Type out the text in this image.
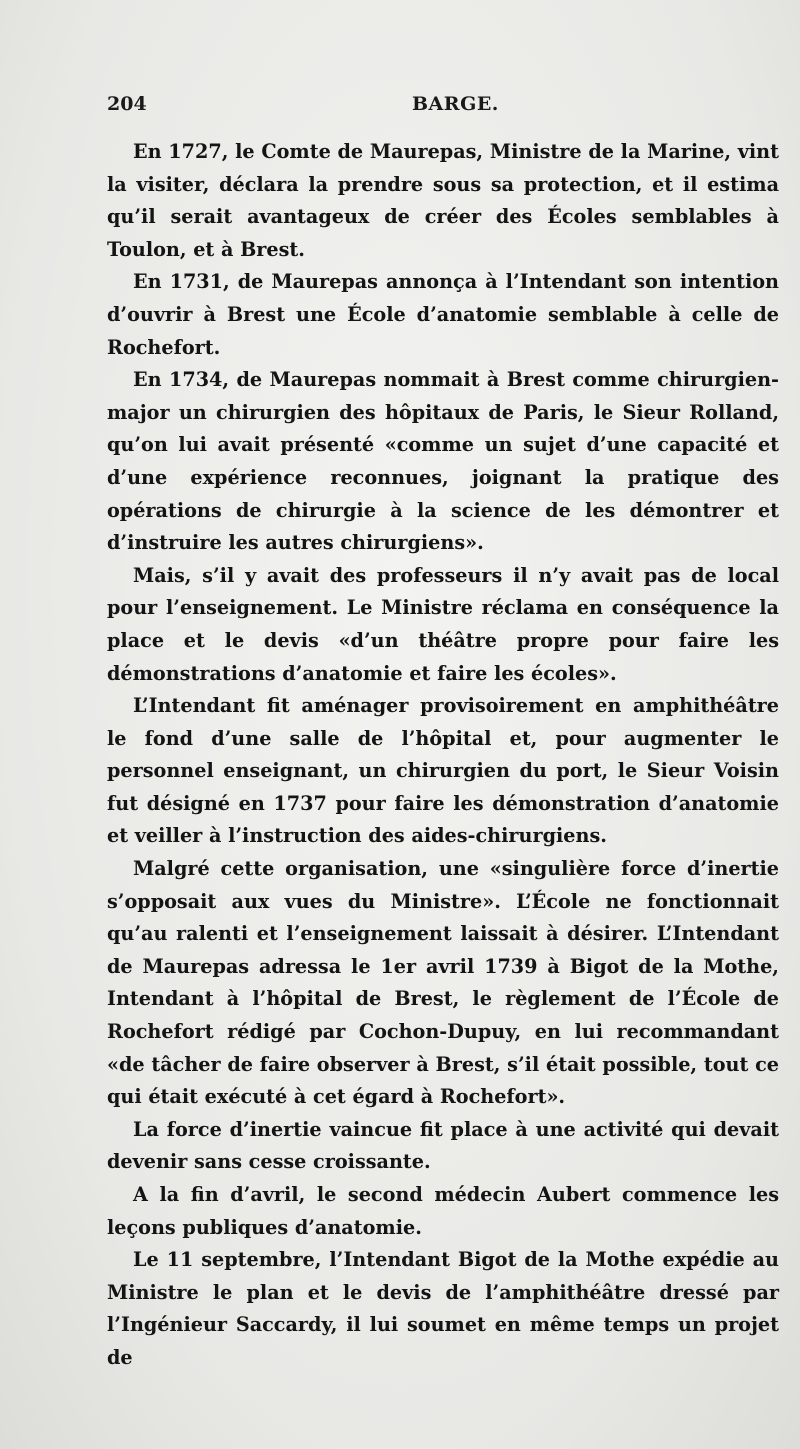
204	BARGE.

En 1727, le Comte de Maurepas, Ministre de la Marine, vint la visiter, déclara la prendre sous sa protection, et il estima qu’il serait avantageux de créer des Écoles semblables à Toulon, et à Brest.

En 1731, de Maurepas annonça à l’Intendant son intention d’ouvrir à Brest une École d’anatomie semblable à celle de Rochefort.

En 1734, de Maurepas nommait à Brest comme chirurgien-major un chirurgien des hôpitaux de Paris, le Sieur Rolland, qu’on lui avait présenté «comme un sujet d’une capacité et d’une expérience reconnues, joignant la pratique des opérations de chirurgie à la science de les démontrer et d’instruire les autres chirurgiens».

Mais, s’il y avait des professeurs il n’y avait pas de local pour l’enseignement. Le Ministre réclama en conséquence la place et le devis «d’un théâtre propre pour faire les démonstrations d’anatomie et faire les écoles».

L’Intendant fit aménager provisoirement en amphithéâtre le fond d’une salle de l’hôpital et, pour augmenter le personnel enseignant, un chirurgien du port, le Sieur Voisin fut désigné en 1737 pour faire les démonstration d’anatomie et veiller à l’instruction des aides-chirurgiens.

Malgré cette organisation, une «singulière force d’inertie s’opposait aux vues du Ministre». L’École ne fonctionnait qu’au ralenti et l’enseignement laissait à désirer. L’Intendant de Maurepas adressa le 1er avril 1739 à Bigot de la Mothe, Intendant à l’hôpital de Brest, le règlement de l’École de Rochefort rédigé par Cochon-Dupuy, en lui recommandant «de tâcher de faire observer à Brest, s’il était possible, tout ce qui était exécuté à cet égard à Rochefort».

La force d’inertie vaincue fit place à une activité qui devait devenir sans cesse croissante.

A la fin d’avril, le second médecin Aubert commence les leçons publiques d’anatomie.

Le 11 septembre, l’Intendant Bigot de la Mothe expédie au Ministre le plan et le devis de l’amphithéâtre dressé par l’Ingénieur Saccardy, il lui soumet en même temps un projet de
